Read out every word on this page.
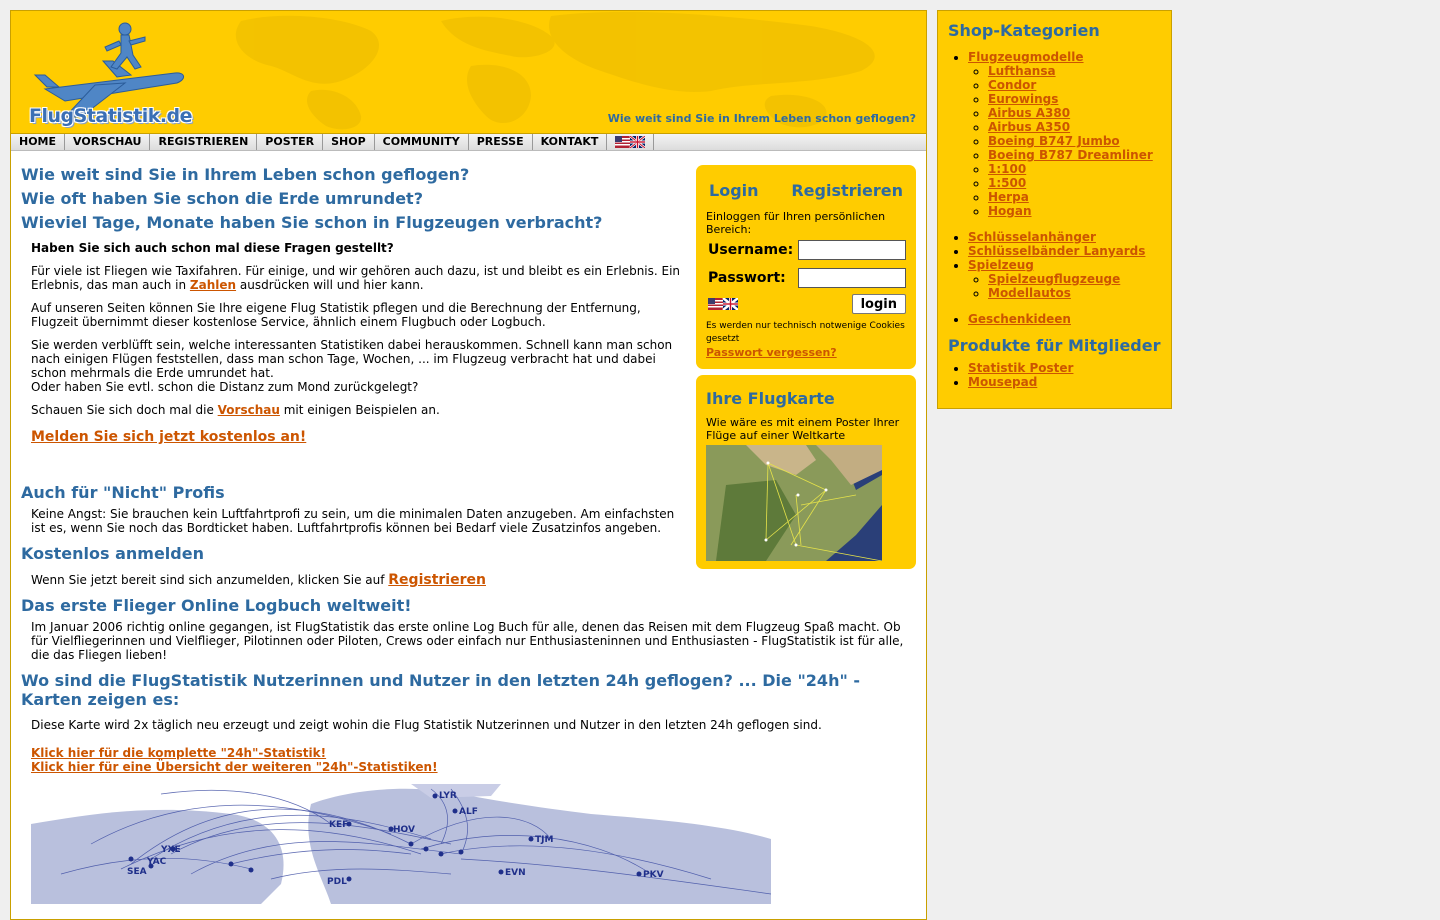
FlugStatistik.de	Wie weit sind Sie in Ihrem Leben schon geflogen?
HOME	VORSCHAU	REGISTRIEREN	POSTER	SHOP	COMMUNITY	PRESSE	KONTAKT
Wie weit sind Sie in Ihrem Leben schon geflogen?
Wie oft haben Sie schon die Erde umrundet?
Wieviel Tage, Monate haben Sie schon in Flugzeugen verbracht?

Haben Sie sich auch schon mal diese Fragen gestellt?

Für viele ist Fliegen wie Taxifahren. Für einige, und wir gehören auch dazu, ist und bleibt es ein Erlebnis. Ein Erlebnis, das man auch in Zahlen ausdrücken will und hier kann.

Auf unseren Seiten können Sie Ihre eigene Flug Statistik pflegen und die Berechnung der Entfernung, Flugzeit übernimmt dieser kostenlose Service, ähnlich einem Flugbuch oder Logbuch.

Sie werden verblüfft sein, welche interessanten Statistiken dabei herauskommen. Schnell kann man schon nach einigen Flügen feststellen, dass man schon Tage, Wochen, ... im Flugzeug verbracht hat und dabei schon mehrmals die Erde umrundet hat.
Oder haben Sie evtl. schon die Distanz zum Mond zurückgelegt?

Schauen Sie sich doch mal die Vorschau mit einigen Beispielen an.

Melden Sie sich jetzt kostenlos an!
Auch für "Nicht" Profis

Keine Angst: Sie brauchen kein Luftfahrtprofi zu sein, um die minimalen Daten anzugeben. Am einfachsten ist es, wenn Sie noch das Bordticket haben. Luftfahrtprofis können bei Bedarf viele Zusatzinfos angeben.

Kostenlos anmelden

Wenn Sie jetzt bereit sind sich anzumelden, klicken Sie auf Registrieren

Das erste Flieger Online Logbuch weltweit!

Im Januar 2006 richtig online gegangen, ist FlugStatistik das erste online Log Buch für alle, denen das Reisen mit dem Flugzeug Spaß macht. Ob für Vielfliegerinnen und Vielflieger, Pilotinnen oder Piloten, Crews oder einfach nur Enthusiasteninnen und Enthusiasten - FlugStatistik ist für alle, die das Fliegen lieben!

Login Registrieren
Einloggen für Ihren persönlichen Bereich:
Username:
Passwort:
login
Es werden nur technisch notwenige Cookies gesetzt
Passwort vergessen?
Ihre Flugkarte
Wie wäre es mit einem Poster Ihrer Flüge auf einer Weltkarte
Wo sind die FlugStatistik Nutzerinnen und Nutzer in den letzten 24h geflogen? ... Die "24h" - Karten zeigen es:

Diese Karte wird 2x täglich neu erzeugt und zeigt wohin die Flug Statistik Nutzerinnen und Nutzer in den letzten 24h geflogen sind.

Klick hier für die komplette "24h"-Statistik!
Klick hier für eine Übersicht der weiteren "24h"-Statistiken!
LYR
ALF
KEF	HOV
TJM
YXE
PKV
PDL
EVN
SEA
YAC
Shop-Kategorien
• Flugzeugmodelle
◦ Lufthansa
◦ Condor
◦ Eurowings
◦ Airbus A380
◦ Airbus A350
◦ Boeing B747 Jumbo
◦ Boeing B787 Dreamliner
◦ 1:100
◦ 1:500
◦ Herpa
◦ Hogan
• Schlüsselanhänger
• Schlüsselbänder Lanyards
• Spielzeug
◦ Spielzeugflugzeuge
◦ Modellautos
• Geschenkideen
Produkte für Mitglieder
• Statistik Poster
• Mousepad
